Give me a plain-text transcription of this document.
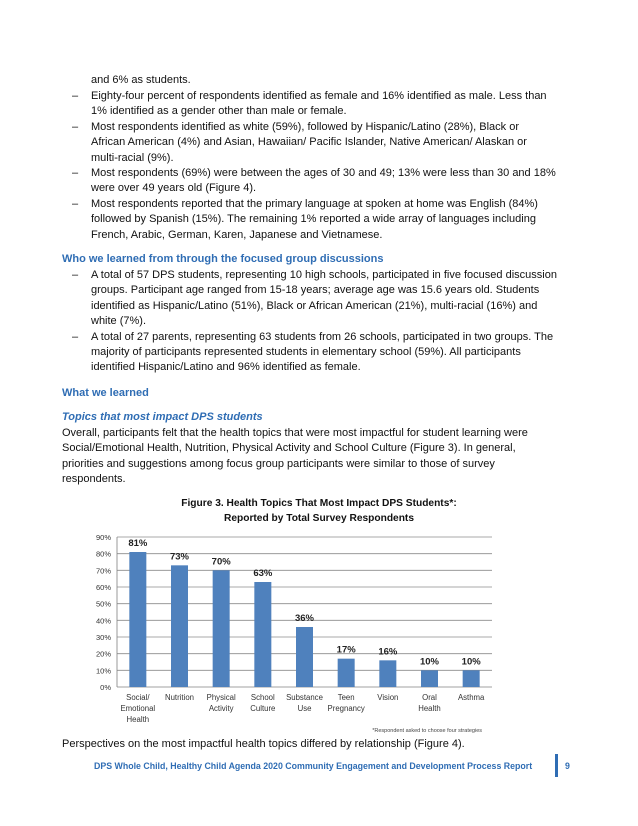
and 6% as students.
– Eighty-four percent of respondents identified as female and 16% identified as male. Less than
1% identified as a gender other than male or female.
– Most respondents identified as white (59%), followed by Hispanic/Latino (28%), Black or
African American (4%) and Asian, Hawaiian/ Pacific Islander, Native American/ Alaskan or
multi-racial (9%).
– Most respondents (69%) were between the ages of 30 and 49; 13% were less than 30 and 18%
were over 49 years old (Figure 4).
– Most respondents reported that the primary language at spoken at home was English (84%)
followed by Spanish (15%). The remaining 1% reported a wide array of languages including
French, Arabic, German, Karen, Japanese and Vietnamese.
Who we learned from through the focused group discussions
– A total of 57 DPS students, representing 10 high schools, participated in five focused discussion
groups. Participant age ranged from 15-18 years; average age was 15.6 years old. Students
identified as Hispanic/Latino (51%), Black or African American (21%), multi-racial (16%) and
white (7%).
– A total of 27 parents, representing 63 students from 26 schools, participated in two groups. The
majority of participants represented students in elementary school (59%). All participants
identified Hispanic/Latino and 96% identified as female.
What we learned
Topics that most impact DPS students
Overall, participants felt that the health topics that were most impactful for student learning were
Social/Emotional Health, Nutrition, Physical Activity and School Culture (Figure 3). In general,
priorities and suggestions among focus group participants were similar to those of survey
respondents.
Figure 3. Health Topics That Most Impact DPS Students*:
Reported by Total Survey Respondents
0%
10%
20%
30%
40%
50%
60%
70%
80%
90%
81%
Social/
Emotional
Health
73%
Nutrition
70%
Physical
Activity
63%
School
Culture
36%
Substance
Use
17%
Teen
Pregnancy
16%
Vision
10%
Oral
Health
10%
Asthma
*Respondent asked to choose four strategies
Perspectives on the most impactful health topics differed by relationship (Figure 4).
DPS Whole Child, Healthy Child Agenda 2020 Community Engagement and Development Process Report	9
